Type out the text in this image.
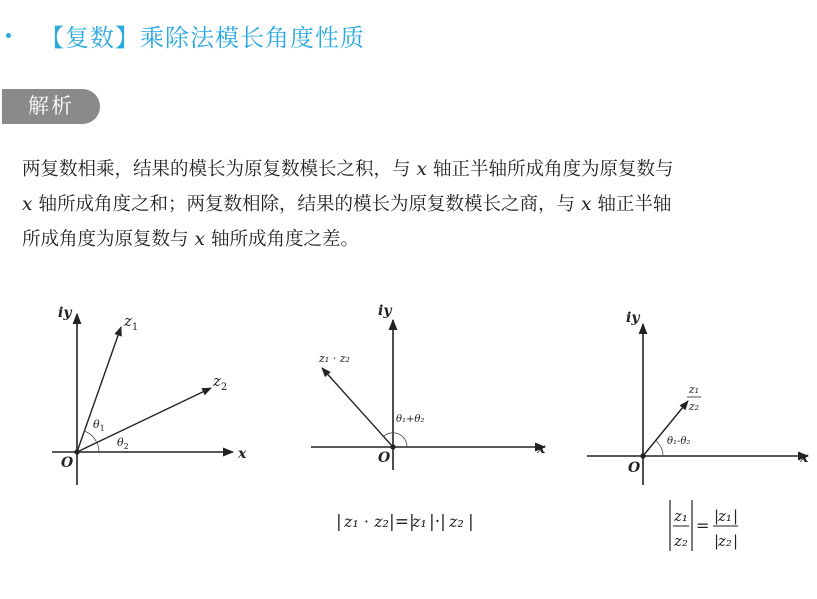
【复数】乘除法模长角度性质
解析
两复数相乘，结果的模长为原复数模长之积，与 x 轴正半轴所成角度为原复数与
x 轴所成角度之和；两复数相除，结果的模长为原复数模长之商，与 x 轴正半轴
所成角度为原复数与 x 轴所成角度之差。
iy
x
O
$z_1$
$z_2$
$\theta_1$
$\theta_2$
iy
x
O
z₁ · z₂
θ₁+θ₂
iy
x
O
z₁
z₂
θ₁-θ₂
| z₁ · z₂ |=|
z₁ |·| z₂ |	z₁
z₂
= |
z₁ |
|
z₂ |
